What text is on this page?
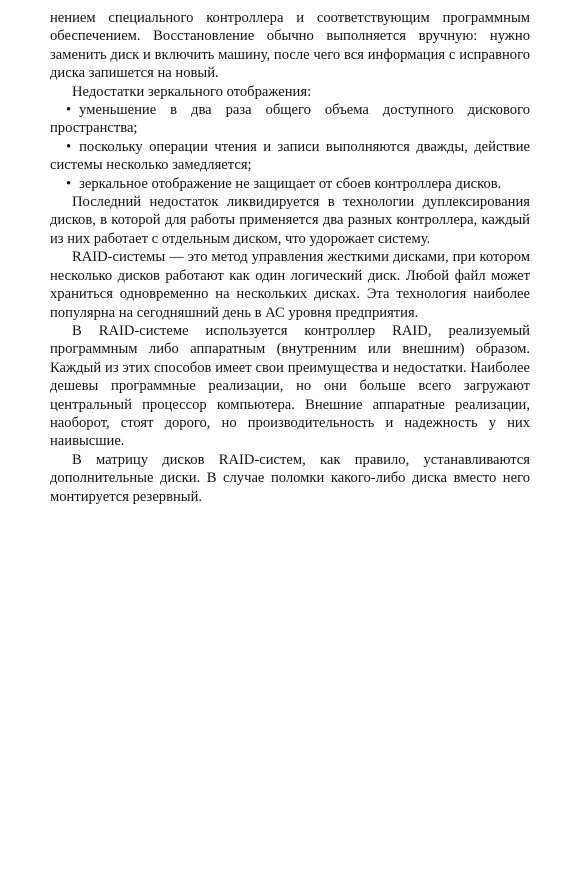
нением специального контроллера и соответствующим программным обеспечением. Восстановление обычно выполняется вручную: нужно заменить диск и включить машину, после чего вся информация с исправного диска запишется на новый.

Недостатки зеркального отображения:

• уменьшение в два раза общего объема доступного дискового пространства;

• поскольку операции чтения и записи выполняются дважды, действие системы несколько замедляется;

• зеркальное отображение не защищает от сбоев контроллера дисков.

Последний недостаток ликвидируется в технологии дуплексирования дисков, в которой для работы применяется два разных контроллера, каждый из них работает с отдельным диском, что удорожает систему.

RAID-системы — это метод управления жесткими дисками, при котором несколько дисков работают как один логический диск. Любой файл может храниться одновременно на нескольких дисках. Эта технология наиболее популярна на сегодняшний день в АС уровня предприятия.

В RAID-системе используется контроллер RAID, реализуемый программным либо аппаратным (внутренним или внешним) образом. Каждый из этих способов имеет свои преимущества и недостатки. Наиболее дешевы программные реализации, но они больше всего загружают центральный процессор компьютера. Внешние аппаратные реализации, наоборот, стоят дорого, но производительность и надежность у них наивысшие.

В матрицу дисков RAID-систем, как правило, устанавливаются дополнительные диски. В случае поломки какого-либо диска вместо него монтируется резервный.
